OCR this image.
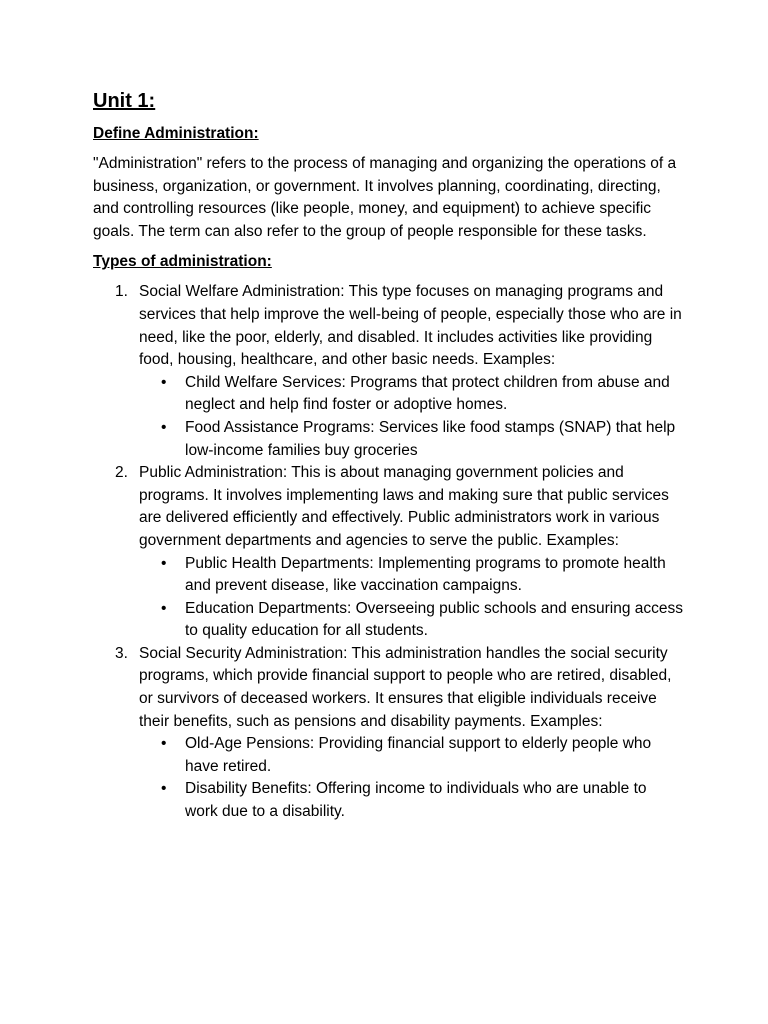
Unit 1:
Define Administration:

"Administration" refers to the process of managing and organizing the operations of a business, organization, or government. It involves planning, coordinating, directing, and controlling resources (like people, money, and equipment) to achieve specific goals. The term can also refer to the group of people responsible for these tasks.

Types of administration:
1. Social Welfare Administration: This type focuses on managing programs and services that help improve the well-being of people, especially those who are in need, like the poor, elderly, and disabled. It includes activities like providing food, housing, healthcare, and other basic needs. Examples:
• Child Welfare Services: Programs that protect children from abuse and neglect and help find foster or adoptive homes.
• Food Assistance Programs: Services like food stamps (SNAP) that help low-income families buy groceries
2. Public Administration: This is about managing government policies and programs. It involves implementing laws and making sure that public services are delivered efficiently and effectively. Public administrators work in various government departments and agencies to serve the public. Examples:
• Public Health Departments: Implementing programs to promote health and prevent disease, like vaccination campaigns.
• Education Departments: Overseeing public schools and ensuring access to quality education for all students.
3. Social Security Administration: This administration handles the social security programs, which provide financial support to people who are retired, disabled, or survivors of deceased workers. It ensures that eligible individuals receive their benefits, such as pensions and disability payments. Examples:
• Old-Age Pensions: Providing financial support to elderly people who have retired.
• Disability Benefits: Offering income to individuals who are unable to work due to a disability.
